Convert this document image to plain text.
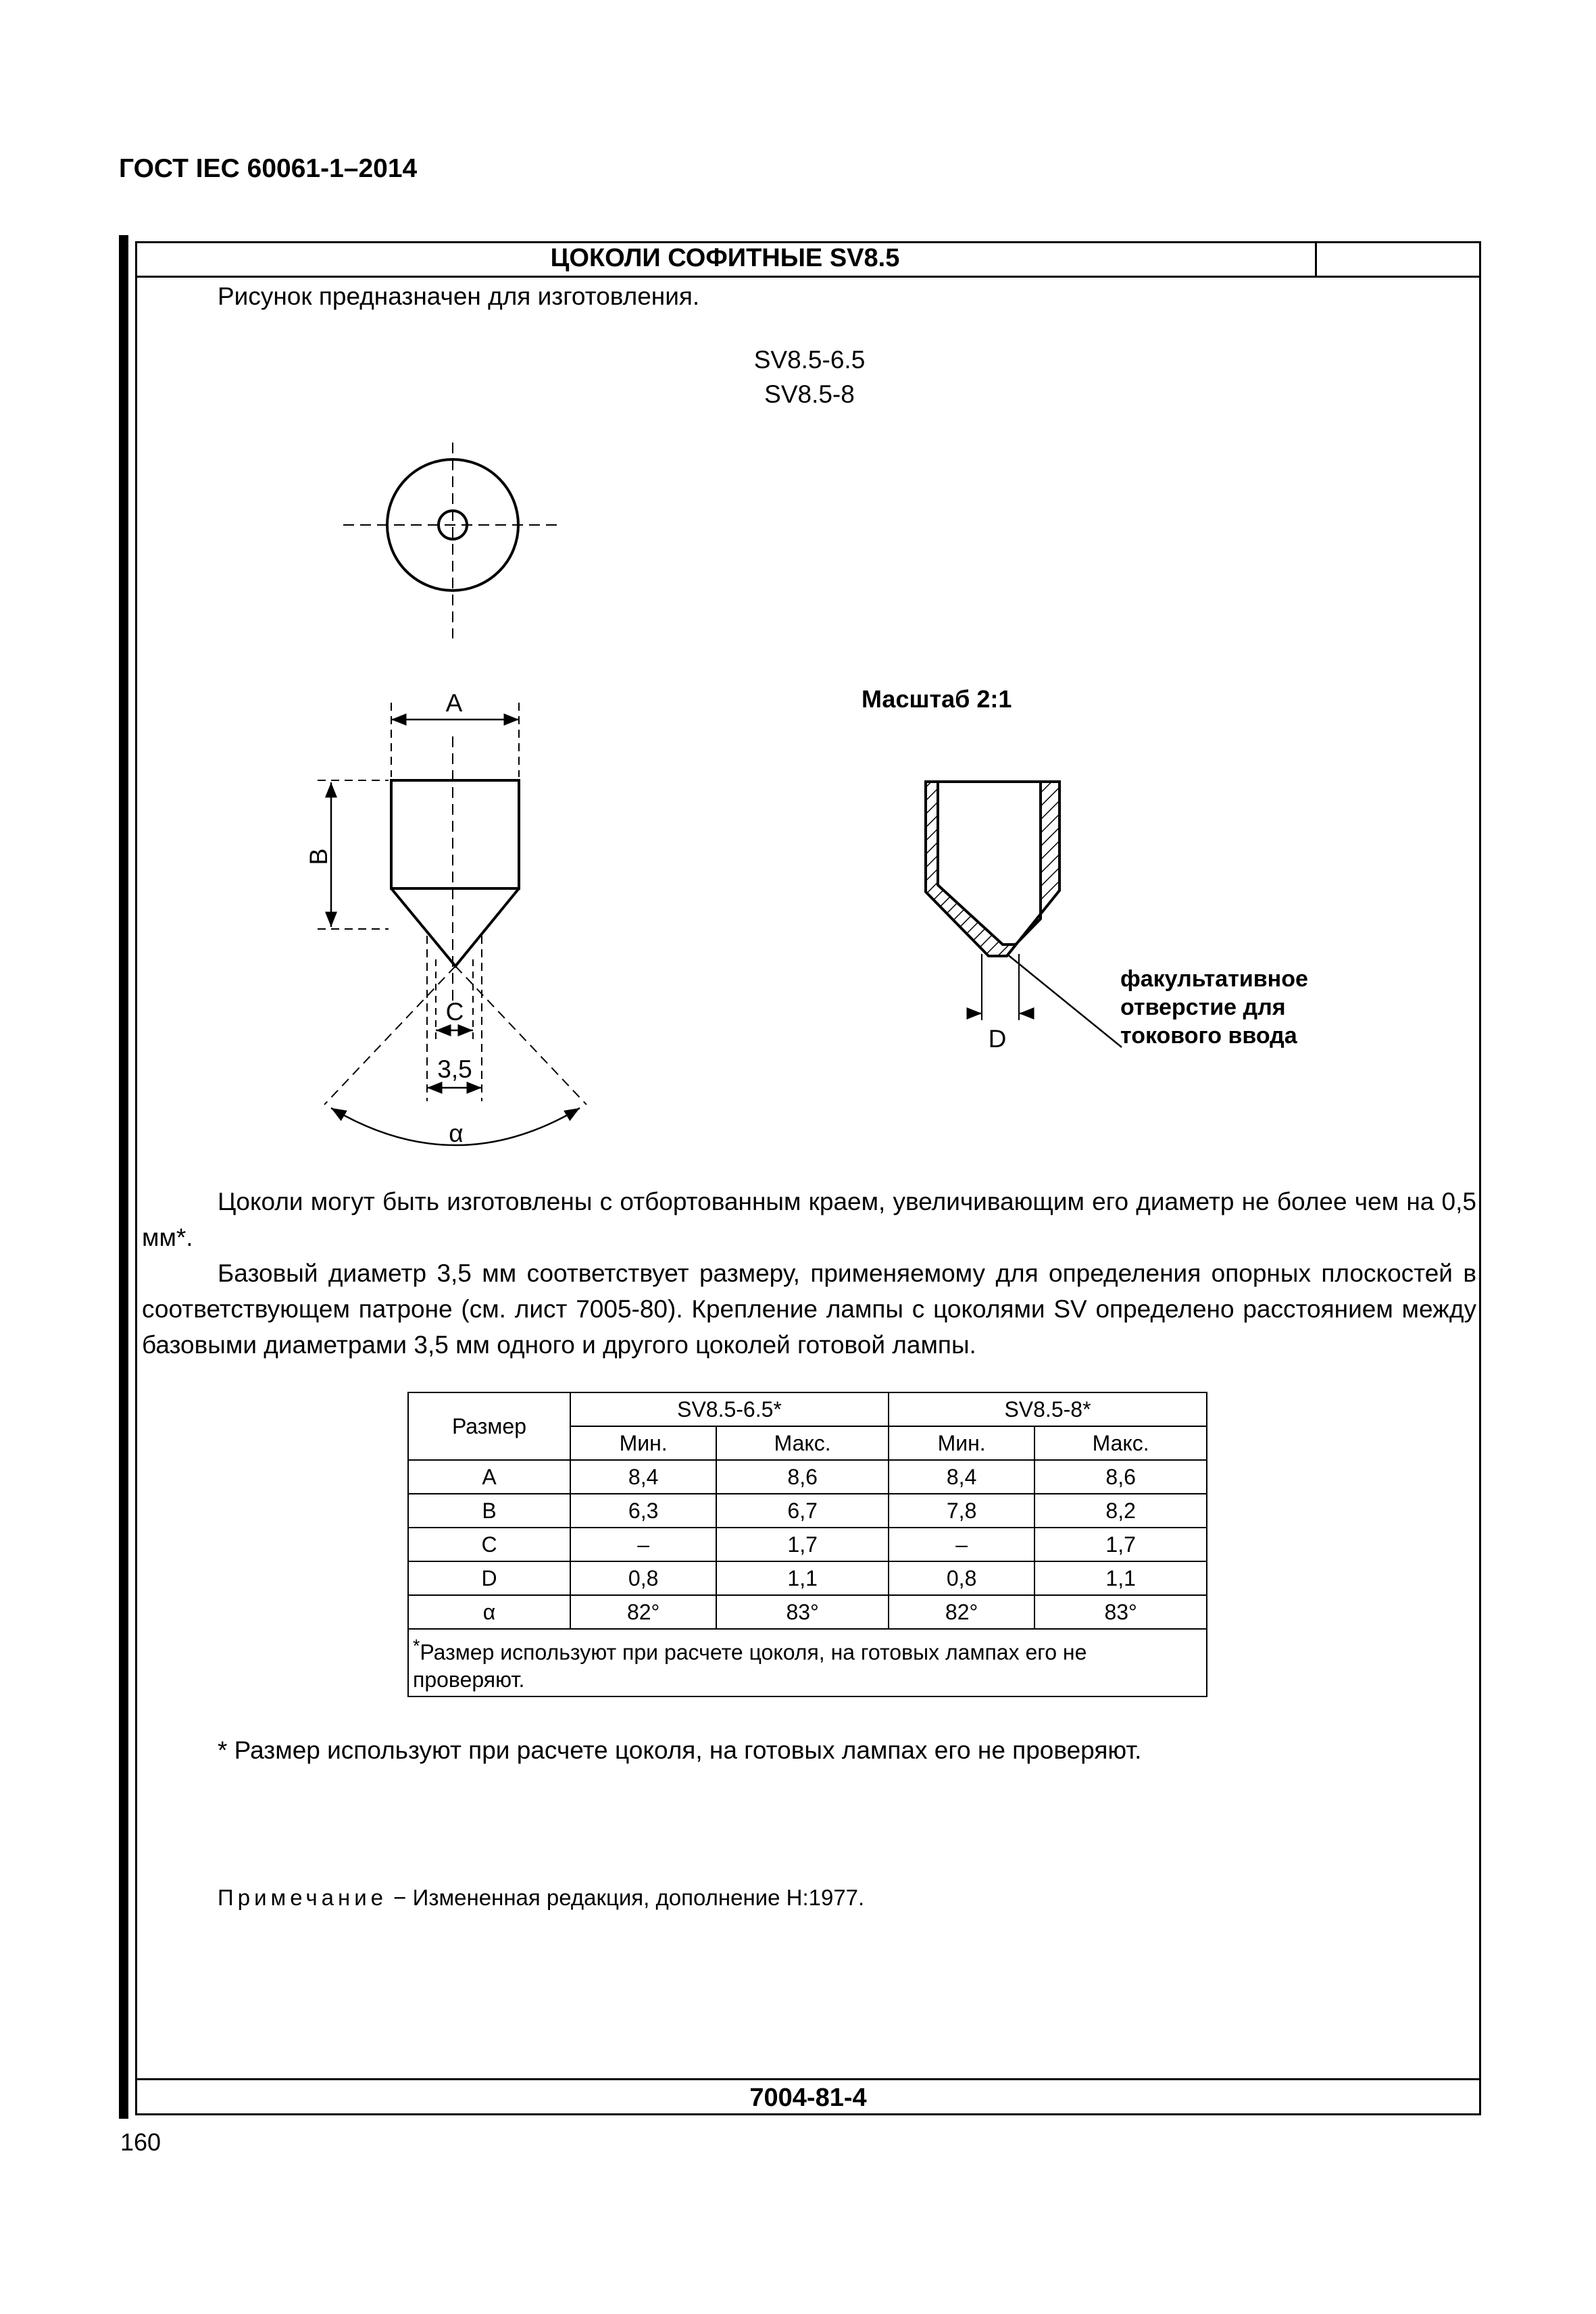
ГОСТ IEC 60061-1–2014
ЦОКОЛИ СОФИТНЫЕ SV8.5
Рисунок предназначен для изготовления.
SV8.5-6.5
SV8.5-8
A
B
C
3,5
α
D
Масштаб 2:1
факультативное
отверстие для
токового ввода

Цоколи могут быть изготовлены с отбортованным краем, увеличивающим его диаметр не более чем на 0,5 мм*.

Базовый диаметр 3,5 мм соответствует размеру, применяемому для определения опорных плоскостей в соответствующем патроне (см. лист 7005-80). Крепление лампы с цоколями SV определено расстоянием между базовыми диаметрами 3,5 мм одного и другого цоколей готовой лампы.

Размер	SV8.5-6.5*		SV8.5-8*	
	Мин.	Макс.	Мин.	Макс.
A	8,4	8,6	8,4	8,6
B	6,3	6,7	7,8	8,2
C	–	1,7	–	1,7
D	0,8	1,1	0,8	1,1
α	82°	83°	82°	83°
*Размер используют при расчете цоколя, на готовых лампах его не проверяют.				
* Размер используют при расчете цоколя, на готовых лампах его не проверяют.
Примечание − Измененная редакция, дополнение H:1977.
7004-81-4
160
